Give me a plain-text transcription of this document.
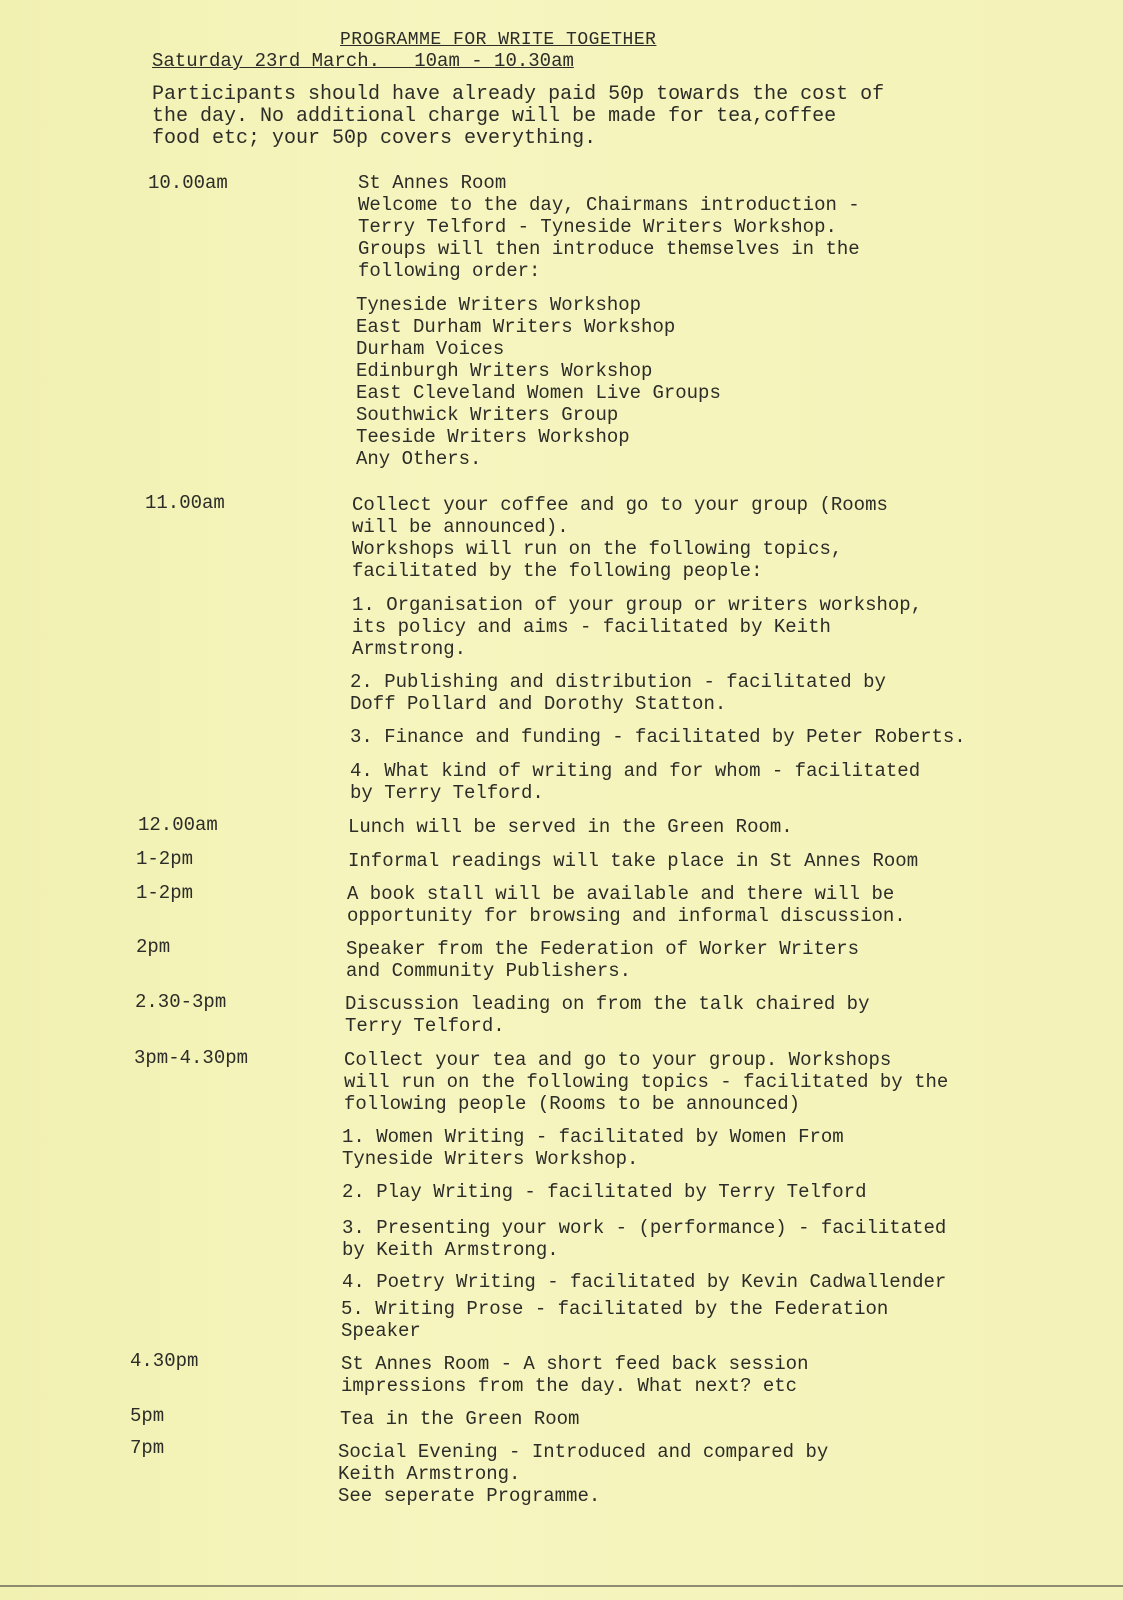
PROGRAMME FOR WRITE TOGETHER
Saturday 23rd March.   10am - 10.30am
Participants should have already paid 50p towards the cost of
the day. No additional charge will be made for tea,coffee
food etc; your 50p covers everything.
10.00am	St Annes Room
Welcome to the day, Chairmans introduction -
Terry Telford - Tyneside Writers Workshop.
Groups will then introduce themselves in the
following order:
Tyneside Writers Workshop
East Durham Writers Workshop
Durham Voices
Edinburgh Writers Workshop
East Cleveland Women Live Groups
Southwick Writers Group
Teeside Writers Workshop
Any Others.
11.00am	Collect your coffee and go to your group (Rooms
will be announced).
Workshops will run on the following topics,
facilitated by the following people:
1. Organisation of your group or writers workshop,
its policy and aims - facilitated by Keith
Armstrong.
2. Publishing and distribution - facilitated by
Doff Pollard and Dorothy Statton.
3. Finance and funding - facilitated by Peter Roberts.
4. What kind of writing and for whom - facilitated
by Terry Telford.
12.00am	Lunch will be served in the Green Room.
1-2pm	Informal readings will take place in St Annes Room
1-2pm	A book stall will be available and there will be
opportunity for browsing and informal discussion.
2pm	Speaker from the Federation of Worker Writers
and Community Publishers.
2.30-3pm	Discussion leading on from the talk chaired by
Terry Telford.
3pm-4.30pm	Collect your tea and go to your group. Workshops
will run on the following topics - facilitated by the
following people (Rooms to be announced)
1. Women Writing - facilitated by Women From
Tyneside Writers Workshop.
2. Play Writing - facilitated by Terry Telford
3. Presenting your work - (performance) - facilitated
by Keith Armstrong.
4. Poetry Writing - facilitated by Kevin Cadwallender
5. Writing Prose - facilitated by the Federation
Speaker
4.30pm	St Annes Room - A short feed back session
impressions from the day. What next? etc
5pm	Tea in the Green Room
7pm	Social Evening - Introduced and compared by
Keith Armstrong.
See seperate Programme.
